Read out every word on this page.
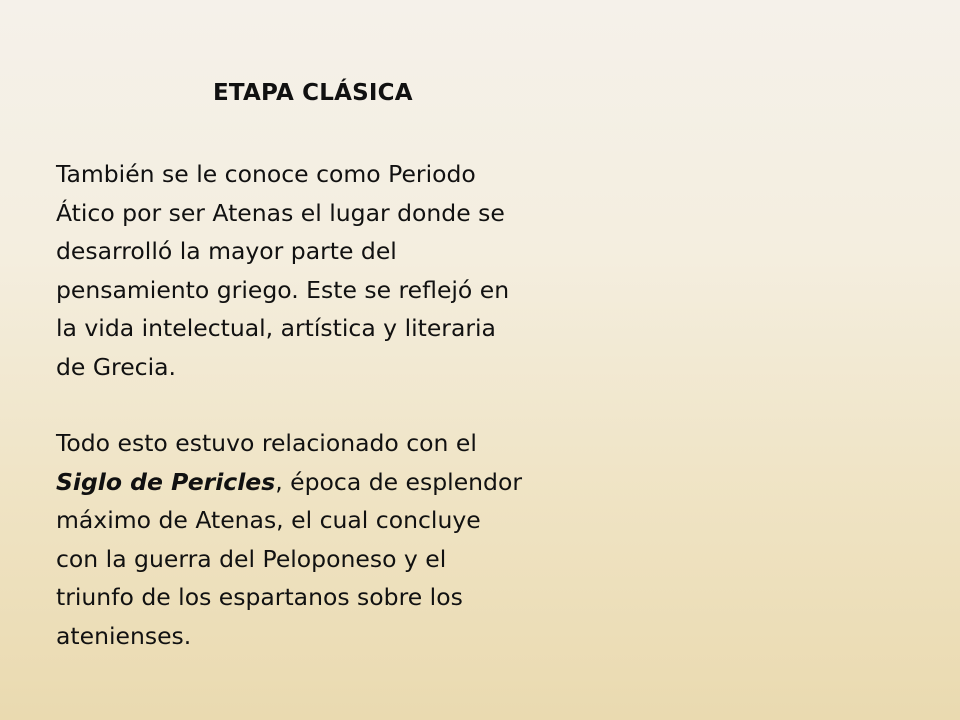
ETAPA CLÁSICA

También se le conoce como Periodo
Ático por ser Atenas el lugar donde se
desarrolló la mayor parte del
pensamiento griego. Este se reflejó en
la vida intelectual, artística y literaria
de Grecia.

Todo esto estuvo relacionado con el
Siglo de Pericles, época de esplendor
máximo de Atenas, el cual concluye
con la guerra del Peloponeso y el
triunfo de los espartanos sobre los
atenienses.
